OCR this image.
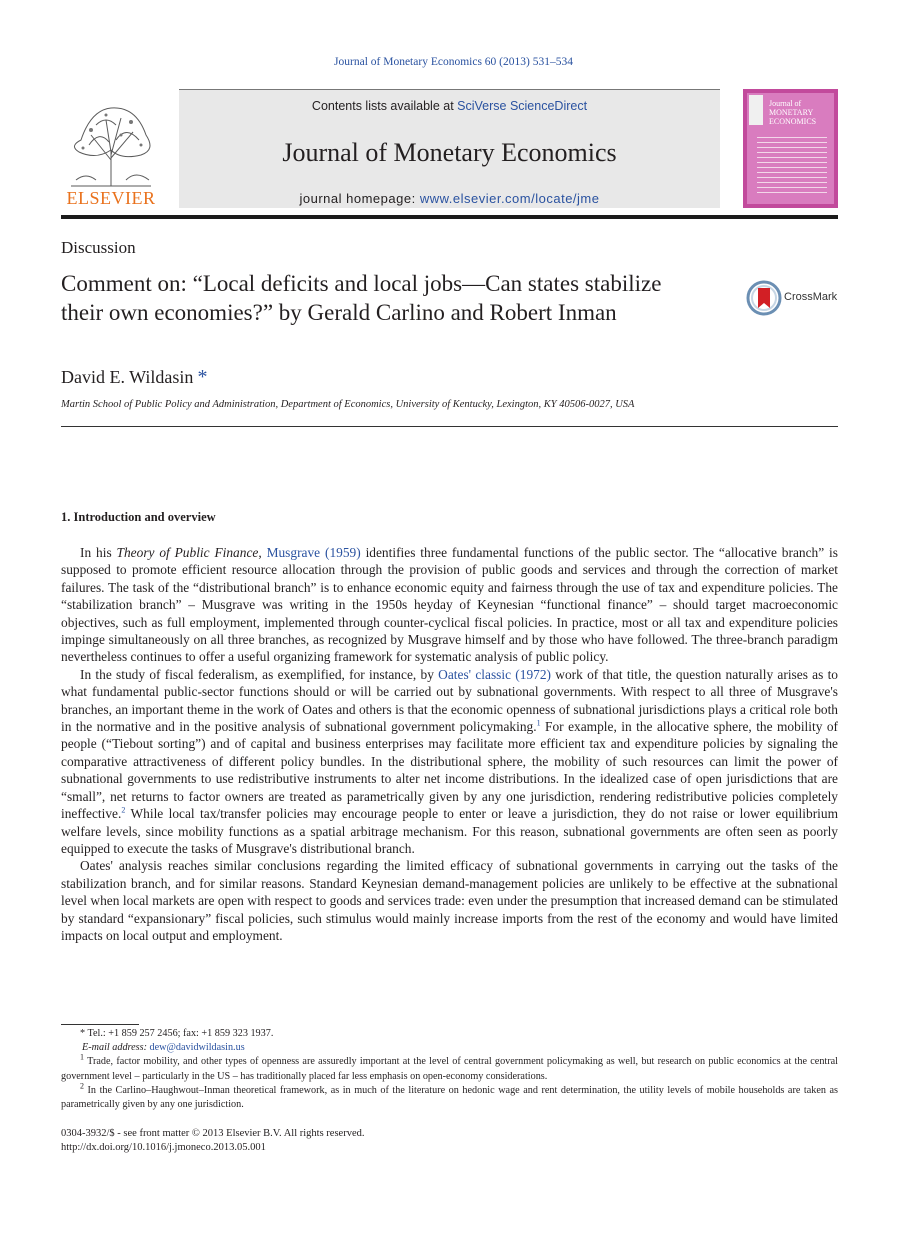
Journal of Monetary Economics 60 (2013) 531–534
ELSEVIER
Contents lists available at SciVerse ScienceDirect
Journal of Monetary Economics
journal homepage: www.elsevier.com/locate/jme
Journal of MONETARY ECONOMICS
Discussion
Comment on: “Local deficits and local jobs—Can states stabilize their own economies?” by Gerald Carlino and Robert Inman
CrossMark
David E. Wildasin *
Martin School of Public Policy and Administration, Department of Economics, University of Kentucky, Lexington, KY 40506-0027, USA
1. Introduction and overview

In his Theory of Public Finance, Musgrave (1959) identifies three fundamental functions of the public sector. The “allocative branch” is supposed to promote efficient resource allocation through the provision of public goods and services and through the correction of market failures. The task of the “distributional branch” is to enhance economic equity and fairness through the use of tax and expenditure policies. The “stabilization branch” – Musgrave was writing in the 1950s heyday of Keynesian “functional finance” – should target macroeconomic objectives, such as full employment, implemented through counter-cyclical fiscal policies. In practice, most or all tax and expenditure policies impinge simultaneously on all three branches, as recognized by Musgrave himself and by those who have followed. The three-branch paradigm nevertheless continues to offer a useful organizing framework for systematic analysis of public policy.

In the study of fiscal federalism, as exemplified, for instance, by Oates' classic (1972) work of that title, the question naturally arises as to what fundamental public-sector functions should or will be carried out by subnational governments. With respect to all three of Musgrave's branches, an important theme in the work of Oates and others is that the economic openness of subnational jurisdictions plays a critical role both in the normative and in the positive analysis of subnational government policymaking.$^1$ For example, in the allocative sphere, the mobility of people (“Tiebout sorting”) and of capital and business enterprises may facilitate more efficient tax and expenditure policies by signaling the comparative attractiveness of different policy bundles. In the distributional sphere, the mobility of such resources can limit the power of subnational governments to use redistributive instruments to alter net income distributions. In the idealized case of open jurisdictions that are “small”, net returns to factor owners are treated as parametrically given by any one jurisdiction, rendering redistributive policies completely ineffective.$^2$ While local tax/transfer policies may encourage people to enter or leave a jurisdiction, they do not raise or lower equilibrium welfare levels, since mobility functions as a spatial arbitrage mechanism. For this reason, subnational governments are often seen as poorly equipped to execute the tasks of Musgrave's distributional branch.

Oates' analysis reaches similar conclusions regarding the limited efficacy of subnational governments in carrying out the tasks of the stabilization branch, and for similar reasons. Standard Keynesian demand-management policies are unlikely to be effective at the subnational level when local markets are open with respect to goods and services trade: even under the presumption that increased demand can be stimulated by standard “expansionary” fiscal policies, such stimulus would mainly increase imports from the rest of the economy and would have limited impacts on local output and employment.

* Tel.: +1 859 257 2456; fax: +1 859 323 1937.

E-mail address: dew@davidwildasin.us

$^1$ Trade, factor mobility, and other types of openness are assuredly important at the level of central government policymaking as well, but research on public economics at the central government level – particularly in the US – has traditionally placed far less emphasis on open-economy considerations.

$^2$ In the Carlino–Haughwout–Inman theoretical framework, as in much of the literature on hedonic wage and rent determination, the utility levels of mobile households are taken as parametrically given by any one jurisdiction.

0304-3932/$ - see front matter © 2013 Elsevier B.V. All rights reserved.
http://dx.doi.org/10.1016/j.jmoneco.2013.05.001
